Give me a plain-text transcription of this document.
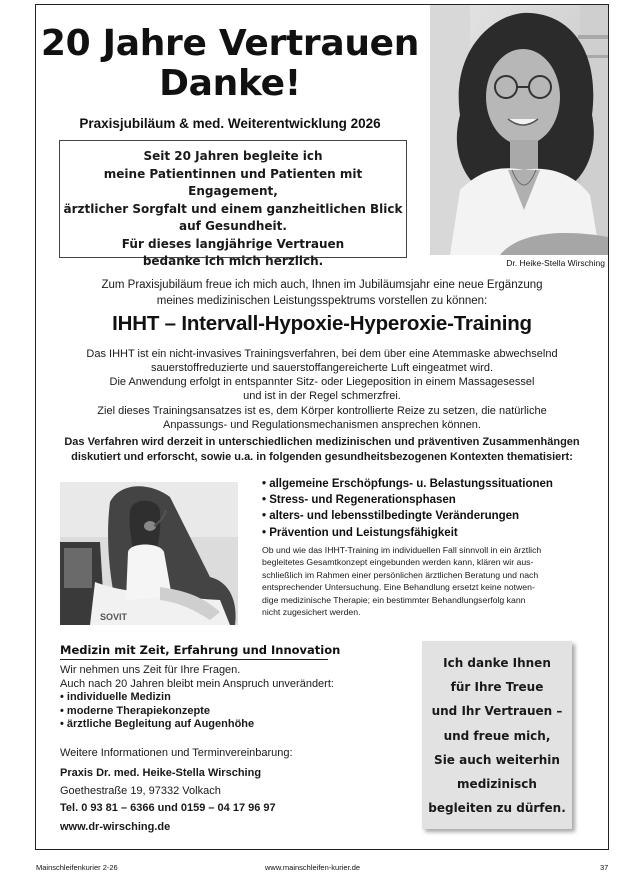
20 Jahre Vertrauen
Danke!
Praxisjubiläum & med. Weiterentwicklung 2026
Seit 20 Jahren begleite ich
meine Patientinnen und Patienten mit Engagement,
ärztlicher Sorgfalt und einem ganzheitlichen Blick
auf Gesundheit.
Für dieses langjährige Vertrauen
bedanke ich mich herzlich.	Dr. Heike-Stella Wirsching
Zum Praxisjubiläum freue ich mich auch, Ihnen im Jubiläumsjahr eine neue Ergänzung
meines medizinischen Leistungsspektrums vorstellen zu können:
IHHT – Intervall-Hypoxie-Hyperoxie-Training
Das IHHT ist ein nicht-invasives Trainingsverfahren, bei dem über eine Atemmaske abwechselnd
sauerstoffreduzierte und sauerstoffangereicherte Luft eingeatmet wird.
Die Anwendung erfolgt in entspannter Sitz- oder Liegeposition in einem Massagesessel
und ist in der Regel schmerzfrei.
Ziel dieses Trainingsansatzes ist es, dem Körper kontrollierte Reize zu setzen, die natürliche
Anpassungs- und Regulationsmechanismen ansprechen können.
Das Verfahren wird derzeit in unterschiedlichen medizinischen und präventiven Zusammenhängen
diskutiert und erforscht, sowie u.a. in folgenden gesundheitsbezogenen Kontexten thematisiert:
SOVIT
• allgemeine Erschöpfungs- u. Belastungssituationen
• Stress- und Regenerationsphasen
• alters- und lebensstilbedingte Veränderungen
• Prävention und Leistungsfähigkeit
Ob und wie das IHHT-Training im individuellen Fall sinnvoll in ein ärztlich
begleitetes Gesamtkonzept eingebunden werden kann, klären wir aus-
schließlich im Rahmen einer persönlichen ärztlichen Beratung und nach
entsprechender Untersuchung. Eine Behandlung ersetzt keine notwen-
dige medizinische Therapie; ein bestimmter Behandlungserfolg kann
nicht zugesichert werden.
Medizin mit Zeit, Erfahrung und Innovation
Wir nehmen uns Zeit für Ihre Fragen.
Auch nach 20 Jahren bleibt mein Anspruch unverändert:
• individuelle Medizin
• moderne Therapiekonzepte
• ärztliche Begleitung auf Augenhöhe
Weitere Informationen und Terminvereinbarung:
Praxis Dr. med. Heike-Stella Wirsching
Goethestraße 19, 97332 Volkach
Tel. 0 93 81 – 6366 und 0159 – 04 17 96 97
www.dr-wirsching.de
Ich danke Ihnen
für Ihre Treue
und Ihr Vertrauen –
und freue mich,
Sie auch weiterhin
medizinisch
begleiten zu dürfen.
Mainschleifenkurier 2-26	www.mainschleifen-kurier.de	37
